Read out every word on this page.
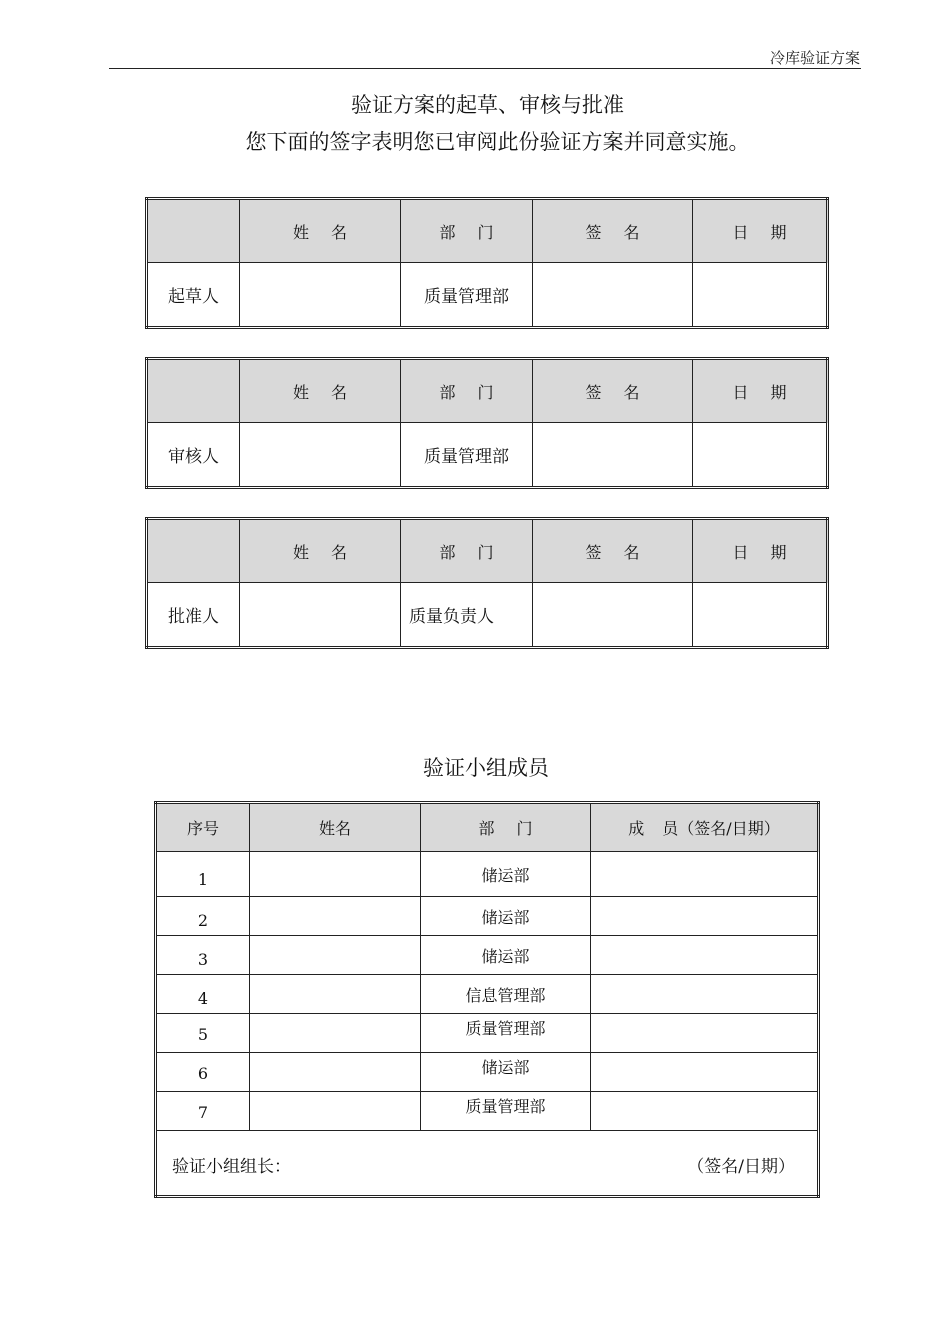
冷库验证方案
验证方案的起草、审核与批准
您下面的签字表明您已审阅此份验证方案并同意实施。
	姓 名	部 门	签 名	日 期
起草人		质量管理部		
	姓 名	部 门	签 名	日 期
审核人		质量管理部		
	姓 名	部 门	签 名	日 期
批准人		质量负责人		
验证小组成员
序号	姓名	部 门	成 员（签名/日期）
1		储运部	
2		储运部	
3		储运部	
4		信息管理部	
5		质量管理部	
6		储运部	
7		质量管理部	

验证小组组长： （签名/日期）			
